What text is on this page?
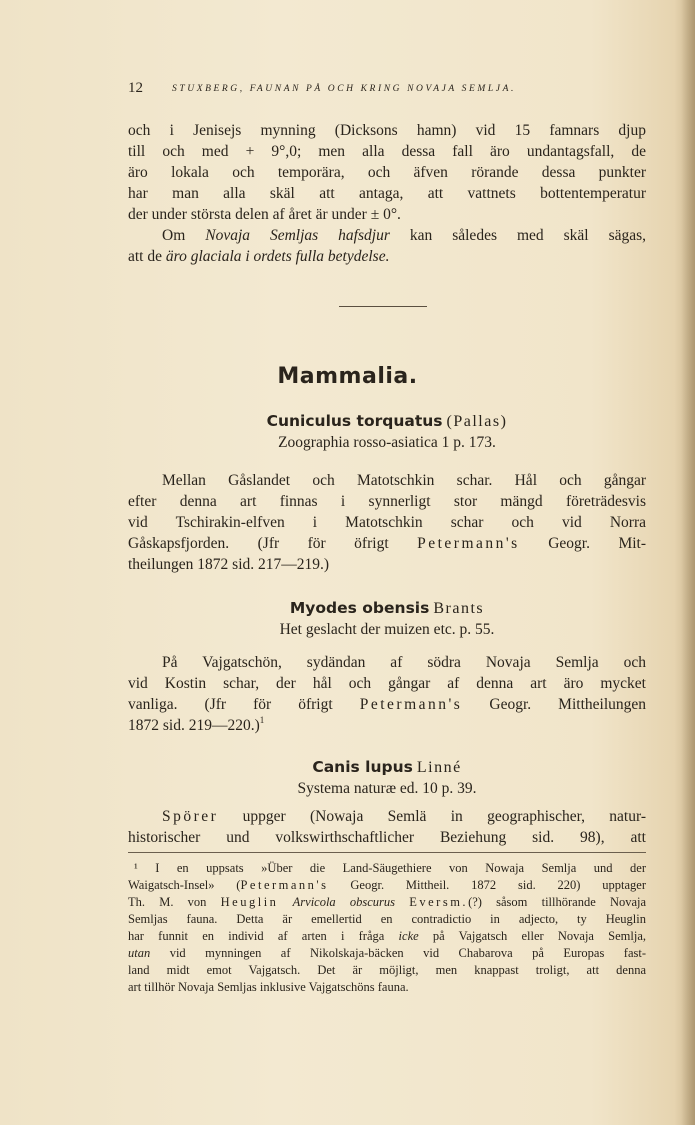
12	STUXBERG, FAUNAN PÅ OCH KRING NOVAJA SEMLJA.
och i Jenisejs mynning (Dicksons hamn) vid 15 famnars djup
till och med + 9°,0; men alla dessa fall äro undantagsfall, de
äro lokala och temporära, och äfven rörande dessa punkter
har man alla skäl att antaga, att vattnets bottentemperatur
der under största delen af året är under ± 0°.
Om Novaja Semljas hafsdjur kan således med skäl sägas,
att de äro glaciala i ordets fulla betydelse.
Mammalia.
Cuniculus torquatus (Pallas)
Zoographia rosso-asiatica 1 p. 173.
Mellan Gåslandet och Matotschkin schar. Hål och gångar
efter denna art finnas i synnerligt stor mängd företrädesvis
vid Tschirakin-elfven i Matotschkin schar och vid Norra
Gåskapsfjorden. (Jfr för öfrigt Petermann's Geogr. Mit-
theilungen 1872 sid. 217—219.)
Myodes obensis Brants
Het geslacht der muizen etc. p. 55.
På Vajgatschön, sydändan af södra Novaja Semlja och
vid Kostin schar, der hål och gångar af denna art äro mycket
vanliga. (Jfr för öfrigt Petermann's Geogr. Mittheilungen
1872 sid. 219—220.)$^1$
Canis lupus Linné
Systema naturæ ed. 10 p. 39.
Spörer uppger (Nowaja Semlä in geographischer, natur-
historischer und volkswirthschaftlicher Beziehung sid. 98), att
¹ I en uppsats »Über die Land-Säugethiere von Nowaja Semlja und der
Waigatsch-Insel» (Petermann's Geogr. Mittheil. 1872 sid. 220) upptager
Th. M. von Heuglin Arvicola obscurus Eversm.(?) såsom tillhörande Novaja
Semljas fauna. Detta är emellertid en contradictio in adjecto, ty Heuglin
har funnit en individ af arten i fråga icke på Vajgatsch eller Novaja Semlja,
utan vid mynningen af Nikolskaja-bäcken vid Chabarova på Europas fast-
land midt emot Vajgatsch. Det är möjligt, men knappast troligt, att denna
art tillhör Novaja Semljas inklusive Vajgatschöns fauna.
